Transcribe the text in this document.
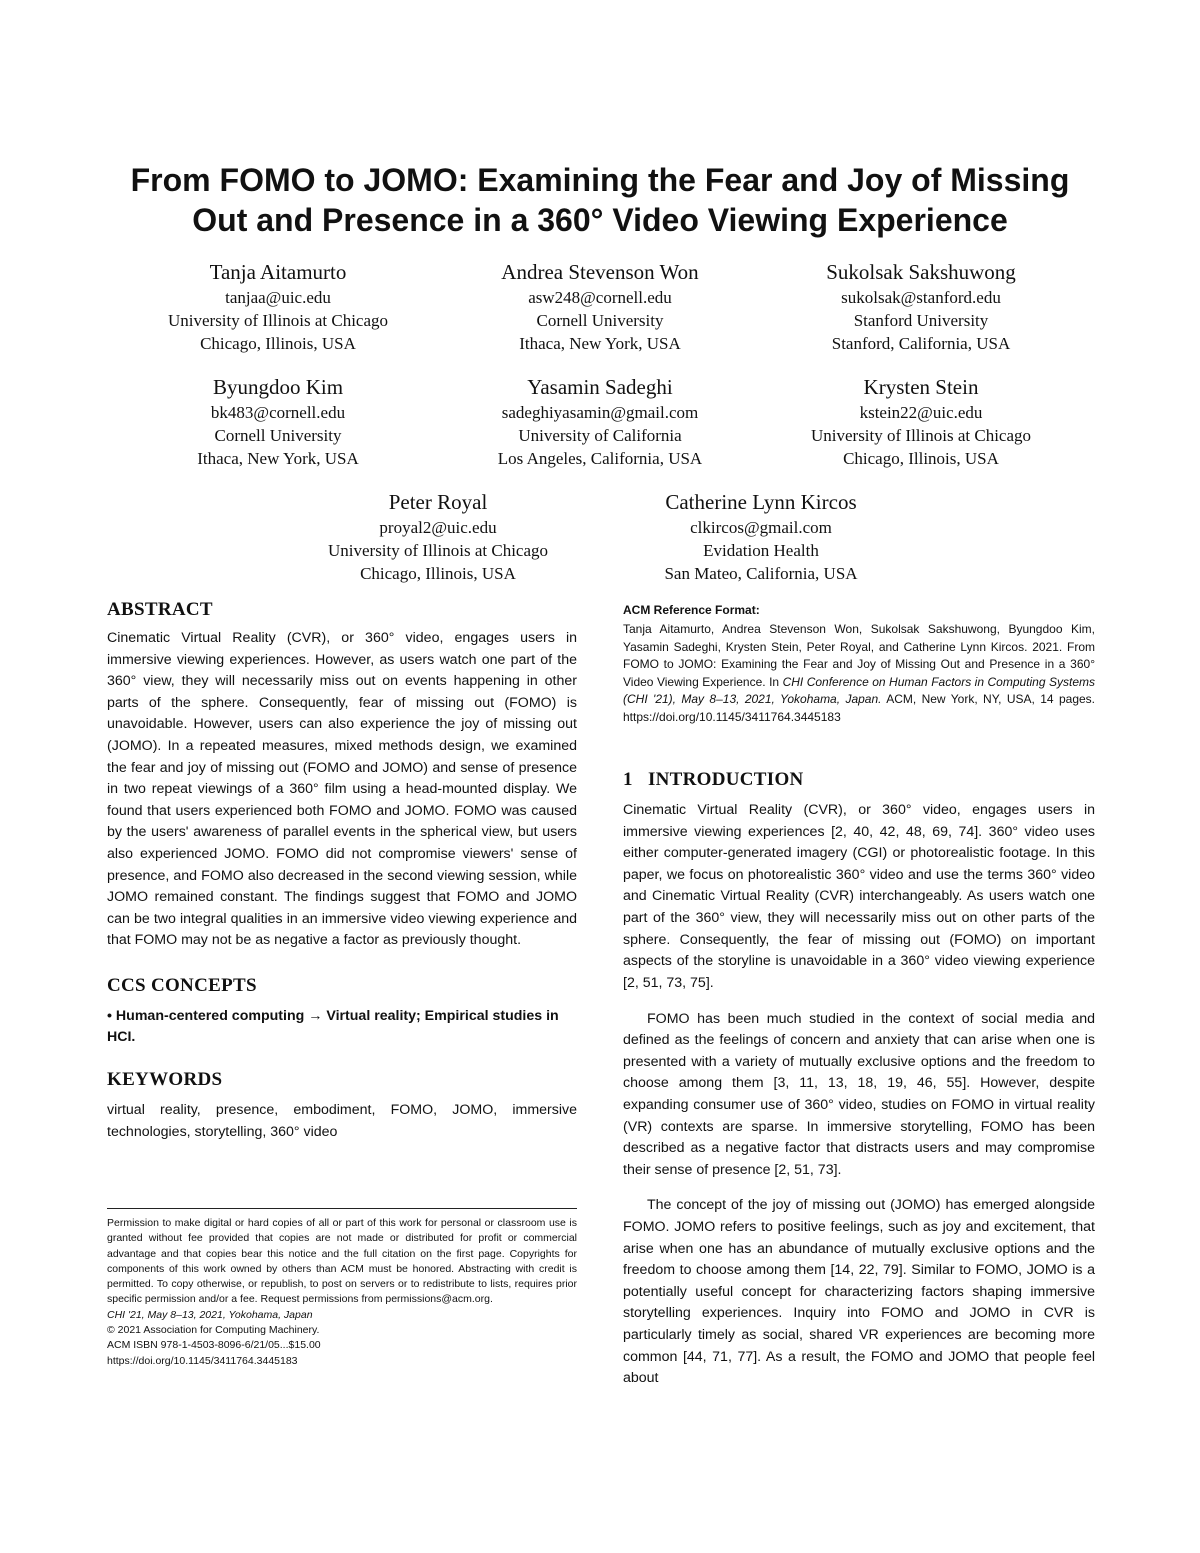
From FOMO to JOMO: Examining the Fear and Joy of Missing
Out and Presence in a 360° Video Viewing Experience
Tanja Aitamurto
tanjaa@uic.edu
University of Illinois at Chicago
Chicago, Illinois, USA
Andrea Stevenson Won
asw248@cornell.edu
Cornell University
Ithaca, New York, USA
Sukolsak Sakshuwong
sukolsak@stanford.edu
Stanford University
Stanford, California, USA
Byungdoo Kim
bk483@cornell.edu
Cornell University
Ithaca, New York, USA
Yasamin Sadeghi
sadeghiyasamin@gmail.com
University of California
Los Angeles, California, USA
Krysten Stein
kstein22@uic.edu
University of Illinois at Chicago
Chicago, Illinois, USA
Peter Royal
proyal2@uic.edu
University of Illinois at Chicago
Chicago, Illinois, USA
Catherine Lynn Kircos
clkircos@gmail.com
Evidation Health
San Mateo, California, USA
ABSTRACT

Cinematic Virtual Reality (CVR), or 360° video, engages users in immersive viewing experiences. However, as users watch one part of the 360° view, they will necessarily miss out on events happening in other parts of the sphere. Consequently, fear of missing out (FOMO) is unavoidable. However, users can also experience the joy of missing out (JOMO). In a repeated measures, mixed methods design, we examined the fear and joy of missing out (FOMO and JOMO) and sense of presence in two repeat viewings of a 360° film using a head-mounted display. We found that users experienced both FOMO and JOMO. FOMO was caused by the users' awareness of parallel events in the spherical view, but users also experienced JOMO. FOMO did not compromise viewers' sense of presence, and FOMO also decreased in the second viewing session, while JOMO remained constant. The findings suggest that FOMO and JOMO can be two integral qualities in an immersive video viewing experience and that FOMO may not be as negative a factor as previously thought.

CCS CONCEPTS
• Human-centered computing → Virtual reality; Empirical studies in HCI.
KEYWORDS
virtual reality, presence, embodiment, FOMO, JOMO, immersive technologies, storytelling, 360° video
Permission to make digital or hard copies of all or part of this work for personal or classroom use is granted without fee provided that copies are not made or distributed for profit or commercial advantage and that copies bear this notice and the full citation on the first page. Copyrights for components of this work owned by others than ACM must be honored. Abstracting with credit is permitted. To copy otherwise, or republish, to post on servers or to redistribute to lists, requires prior specific permission and/or a fee. Request permissions from permissions@acm.org.
CHI '21, May 8–13, 2021, Yokohama, Japan
© 2021 Association for Computing Machinery.
ACM ISBN 978-1-4503-8096-6/21/05...$15.00
https://doi.org/10.1145/3411764.3445183
ACM Reference Format:
Tanja Aitamurto, Andrea Stevenson Won, Sukolsak Sakshuwong, Byungdoo Kim, Yasamin Sadeghi, Krysten Stein, Peter Royal, and Catherine Lynn Kircos. 2021. From FOMO to JOMO: Examining the Fear and Joy of Missing Out and Presence in a 360° Video Viewing Experience. In CHI Conference on Human Factors in Computing Systems (CHI '21), May 8–13, 2021, Yokohama, Japan. ACM, New York, NY, USA, 14 pages. https://doi.org/10.1145/3411764.3445183
1   INTRODUCTION

Cinematic Virtual Reality (CVR), or 360° video, engages users in immersive viewing experiences [2, 40, 42, 48, 69, 74]. 360° video uses either computer-generated imagery (CGI) or photorealistic footage. In this paper, we focus on photorealistic 360° video and use the terms 360° video and Cinematic Virtual Reality (CVR) interchangeably. As users watch one part of the 360° view, they will necessarily miss out on other parts of the sphere. Consequently, the fear of missing out (FOMO) on important aspects of the storyline is unavoidable in a 360° video viewing experience [2, 51, 73, 75].

FOMO has been much studied in the context of social media and defined as the feelings of concern and anxiety that can arise when one is presented with a variety of mutually exclusive options and the freedom to choose among them [3, 11, 13, 18, 19, 46, 55]. However, despite expanding consumer use of 360° video, studies on FOMO in virtual reality (VR) contexts are sparse. In immersive storytelling, FOMO has been described as a negative factor that distracts users and may compromise their sense of presence [2, 51, 73].

The concept of the joy of missing out (JOMO) has emerged alongside FOMO. JOMO refers to positive feelings, such as joy and excitement, that arise when one has an abundance of mutually exclusive options and the freedom to choose among them [14, 22, 79]. Similar to FOMO, JOMO is a potentially useful concept for characterizing factors shaping immersive storytelling experiences. Inquiry into FOMO and JOMO in CVR is particularly timely as social, shared VR experiences are becoming more common [44, 71, 77]. As a result, the FOMO and JOMO that people feel about
